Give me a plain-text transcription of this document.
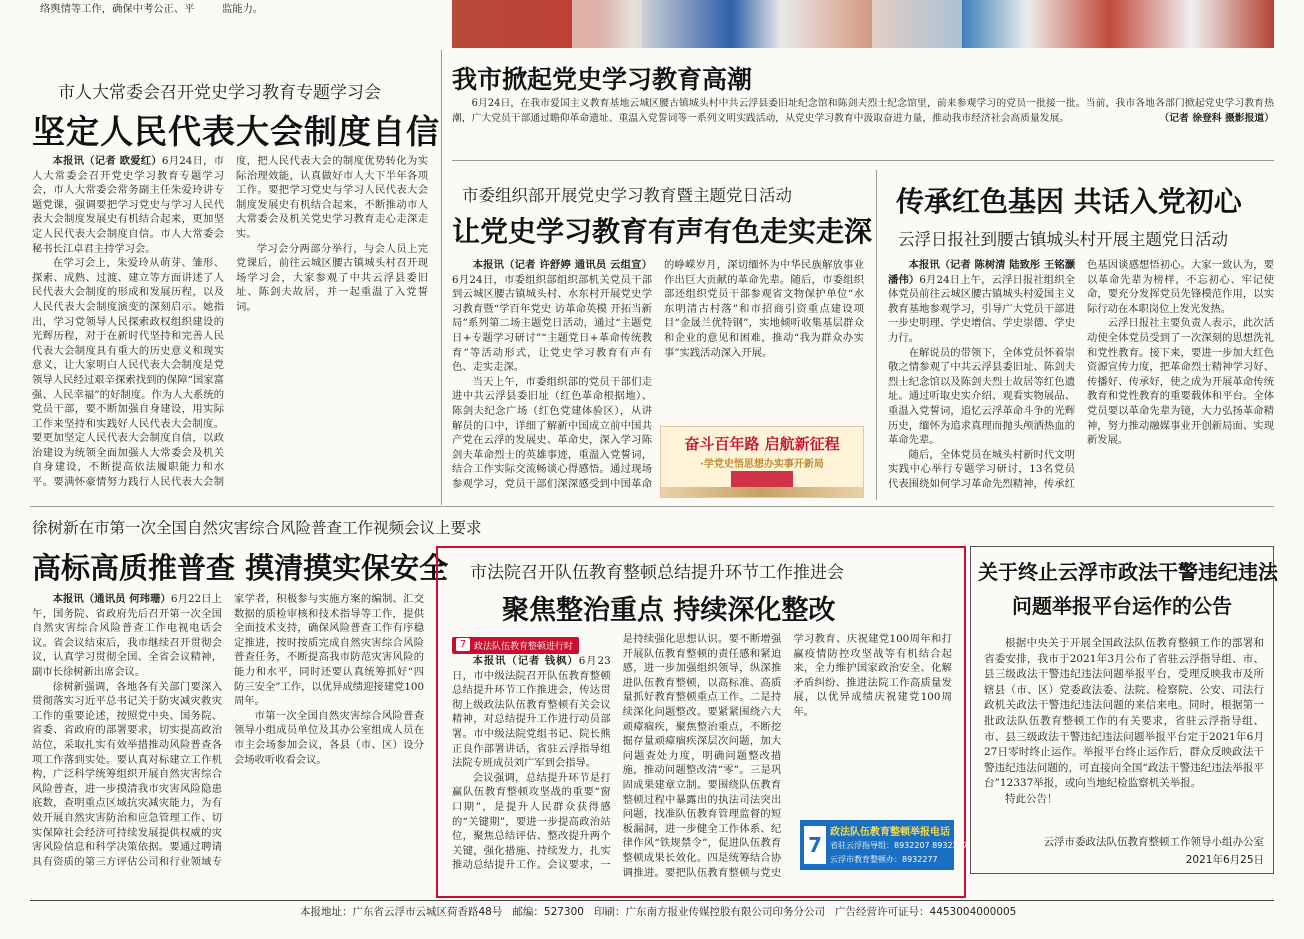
络舆情等工作，确保中考公正、平	监能力。
市人大常委会召开党史学习教育专题学习会
坚定人民代表大会制度自信

本报讯（记者 欧爱红）6月24日，市人大常委会召开党史学习教育专题学习会，市人大常委会常务副主任朱爱玲讲专题党课，强调要把学习党史与学习人民代表大会制度发展史有机结合起来，更加坚定人民代表大会制度自信。市人大常委会秘书长江卓君主持学习会。

在学习会上，朱爱玲从萌芽、雏形、探索、成熟、过渡、建立等方面讲述了人民代表大会制度的形成和发展历程，以及人民代表大会制度演变的深刻启示。她指出，学习党领导人民探索政权组织建设的光辉历程，对于在新时代坚持和完善人民代表大会制度具有重大的历史意义和现实意义，让大家明白人民代表大会制度是党领导人民经过艰辛探索找到的保障“国家富强、人民幸福”的好制度。作为人大系统的党员干部，要不断加强自身建设，用实际工作来坚持和实践好人民代表大会制度。要更加坚定人民代表大会制度自信，以政治建设为统领全面加强人大常委会及机关自身建设，不断提高依法履职能力和水平。要满怀豪情努力践行人民代表大会制度，把人民代表大会的制度优势转化为实际治理效能，认真做好市人大下半年各项工作。要把学习党史与学习人民代表大会制度发展史有机结合起来，不断推动市人大常委会及机关党史学习教育走心走深走实。

学习会分两部分举行，与会人员上完党课后，前往云城区腰古镇城头村召开现场学习会，大家参观了中共云浮县委旧址、陈剑夫故居，并一起重温了入党誓词。

我市掀起党史学习教育高潮

6月24日，在我市爱国主义教育基地云城区腰古镇城头村中共云浮县委旧址纪念馆和陈剑夫烈士纪念馆里，前来参观学习的党员一批接一批。当前，我市各地各部门掀起党史学习教育热潮，广大党员干部通过瞻仰革命遗址、重温入党誓词等一系列文明实践活动，从党史学习教育中汲取奋进力量，推动我市经济社会高质量发展。	（记者 徐登科 摄影报道）

市委组织部开展党史学习教育暨主题党日活动
让党史学习教育有声有色走实走深

本报讯（记者 许舒婷 通讯员 云组宣）6月24日，市委组织部组织部机关党员干部到云城区腰古镇城头村、水东村开展党史学习教育暨“学百年党史 访革命英模 开拓当新局”系列第二场主题党日活动，通过“主题党日+专题学习研讨”“主题党日+革命传统教育”等活动形式，让党史学习教育有声有色、走实走深。

当天上午，市委组织部的党员干部们走进中共云浮县委旧址（红色革命根据地）、陈剑夫纪念广场（红色党建体验区），从讲解员的口中，详细了解新中国成立前中国共产党在云浮的发展史、革命史，深入学习陈剑夫革命烈士的英雄事迹，重温入党誓词，结合工作实际交流畅谈心得感悟。通过现场参观学习，党员干部们深深感受到中国革命的峥嵘岁月，深切缅怀为中华民族解放事业作出巨大贡献的革命先辈。随后，市委组织部还组织党员干部参观省文物保护单位“水东明清古村落”和市招商引资重点建设项目“金晟兰优特钢”，实地倾听收集基层群众和企业的意见和困难，推动“我为群众办实事”实践活动深入开展。

奋斗百年路 启航新征程
·学党史悟思想办实事开新局
传承红色基因 共话入党初心
云浮日报社到腰古镇城头村开展主题党日活动

本报讯（记者 陈树清 陆致彤 王铭灏 潘伟）6月24日上午，云浮日报社组织全体党员前往云城区腰古镇城头村爱国主义教育基地参观学习，引导广大党员干部进一步史明理、学史增信、学史崇德、学史力行。

在解说员的带领下，全体党员怀着崇敬之情参观了中共云浮县委旧址、陈剑夫烈士纪念馆以及陈剑夫烈士故居等红色遗址。通过听取史实介绍、观看实物展品、重温入党誓词，追忆云浮革命斗争的光辉历史，缅怀为追求真理而抛头颅洒热血的革命先辈。

随后，全体党员在城头村新时代文明实践中心举行专题学习研讨，13名党员代表围绕如何学习革命先烈精神，传承红色基因谈感想悟初心。大家一致认为，要以革命先辈为榜样，不忘初心、牢记使命，要充分发挥党员先锋模范作用，以实际行动在本职岗位上发光发热。

云浮日报社主要负责人表示，此次活动使全体党员受到了一次深刻的思想洗礼和党性教育。接下来，要进一步加大红色资源宣传力度，把革命烈士精神学习好、传播好、传承好，使之成为开展革命传统教育和党性教育的重要载体和平台。全体党员要以革命先辈为镜，大力弘扬革命精神，努力推动融媒事业开创新局面、实现新发展。

徐树新在市第一次全国自然灾害综合风险普查工作视频会议上要求
高标高质推普查 摸清摸实保安全

本报讯（通讯员 何玮珊）6月22日上午，国务院、省政府先后召开第一次全国自然灾害综合风险普查工作电视电话会议。省会议结束后，我市继续召开贯彻会议，认真学习贯彻全国、全省会议精神，副市长徐树新出席会议。

徐树新强调，各地各有关部门要深入贯彻落实习近平总书记关于防灾减灾救灾工作的重要论述，按照党中央、国务院、省委、省政府的部署要求，切实提高政治站位，采取扎实有效举措推动风险普查各项工作落到实处。要认真对标建立工作机构，广泛科学统筹组织开展自然灾害综合风险普查，进一步摸清我市灾害风险隐患底数，查明重点区域抗灾减灾能力，为有效开展自然灾害防治和应急管理工作、切实保障社会经济可持续发展提供权威的灾害风险信息和科学决策依据。要通过聘请具有资质的第三方评估公司和行业领域专家学者，积极参与实施方案的编制、汇交数据的质检审核和技术指导等工作，提供全面技术支持，确保风险普查工作有序稳定推进，按时按质完成自然灾害综合风险普查任务，不断提高我市防范灾害风险的能力和水平，同时还要认真统筹抓好“四防三安全”工作，以优异成绩迎接建党100周年。

市第一次全国自然灾害综合风险普查领导小组成员单位及其办公室组成人员在市主会场参加会议，各县（市、区）设分会场收听收看会议。

市法院召开队伍教育整顿总结提升环节工作推进会
聚焦整治重点 持续深化整改
7 政法队伍教育整顿进行时

本报讯（记者 钱枫）6月23日，市中级法院召开队伍教育整顿总结提升环节工作推进会，传达贯彻上级政法队伍教育整顿有关会议精神，对总结提升工作进行动员部署。市中级法院党组书记、院长熊正良作部署讲话，省驻云浮指导组法院专班成员刘广军到会指导。

会议强调，总结提升环节是打赢队伍教育整顿攻坚战的重要“窗口期”，是提升人民群众获得感的“关键期”，要进一步提高政治站位，聚焦总结评估、整改提升两个关键，强化措施、持续发力，扎实推动总结提升工作。会议要求，一是持续强化思想认识。要不断增强开展队伍教育整顿的责任感和紧迫感，进一步加强组织领导，纵深推进队伍教育整顿，以高标准、高质量抓好教育整顿重点工作。二是持续深化问题整改。要紧紧围绕六大顽瘴痼疾，聚焦整治重点，不断挖掘存量顽瘴痼疾深层次问题，加大问题查处力度，明确问题整改措施，推动问题整改清“零”。三是巩固成果建章立制。要围绕队伍教育整顿过程中暴露出的执法司法突出问题，找准队伍教育管理监督的短板漏洞，进一步健全工作体系、纪律作风“铁规禁令”，促进队伍教育整顿成果长效化。四是统筹结合协调推进。要把队伍教育整顿与党史学习教育、庆祝建党100周年和打赢疫情防控攻坚战等有机结合起来，全力维护国家政治安全、化解矛盾纠纷、推进法院工作高质量发展，以优异成绩庆祝建党100周年。

7
政法队伍教育整顿举报电话
省驻云浮指导组：8932207 8932217
云浮市教育整顿办：8932277
关于终止云浮市政法干警违纪违法
问题举报平台运作的公告

根据中央关于开展全国政法队伍教育整顿工作的部署和省委安排，我市于2021年3月公布了省驻云浮指导组、市、县三级政法干警违纪违法问题举报平台，受理反映我市及所辖县（市、区）党委政法委、法院、检察院、公安、司法行政机关政法干警违纪违法问题的来信来电。同时，根据第一批政法队伍教育整顿工作的有关要求，省驻云浮指导组、市、县三级政法干警违纪违法问题举报平台定于2021年6月27日零时终止运作。举报平台终止运作后，群众反映政法干警违纪违法问题的，可直接向全国“政法干警违纪违法举报平台”12337举报，或向当地纪检监察机关举报。

特此公告！

云浮市委政法队伍教育整顿工作领导小组办公室
2021年6月25日
本报地址：广东省云浮市云城区荷香路48号 邮编：527300 印刷：广东南方报业传媒控股有限公司印务分公司 广告经营许可证号：4453004000005
